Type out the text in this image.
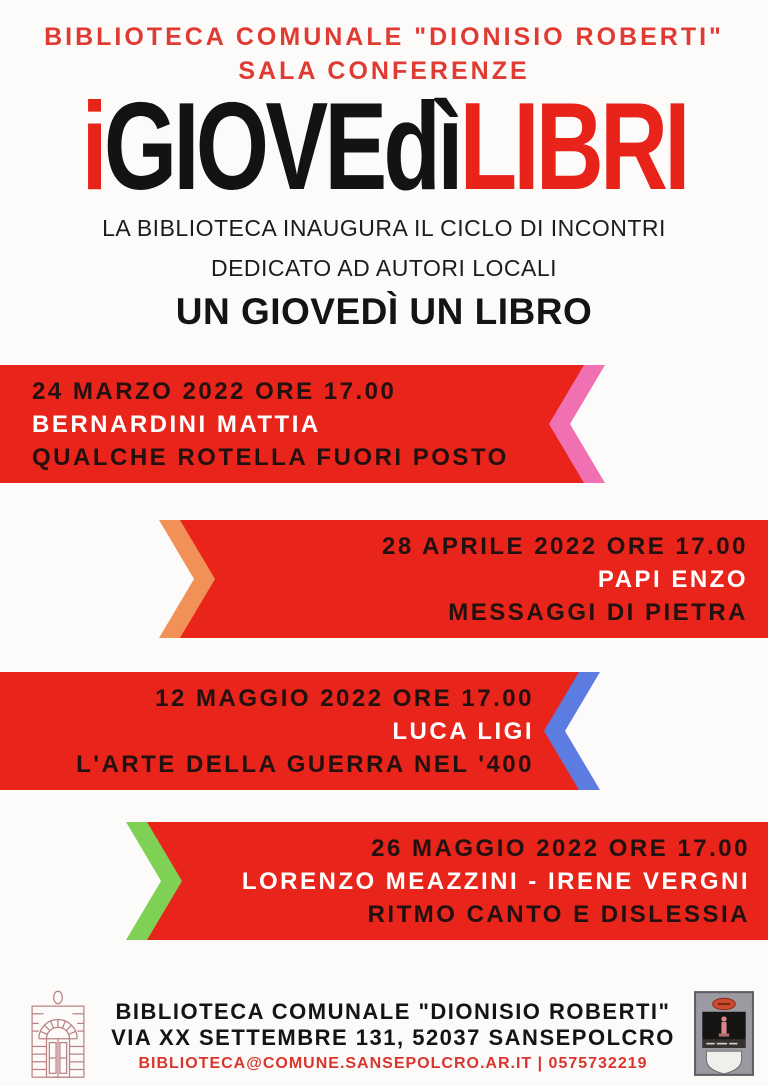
BIBLIOTECA COMUNALE "DIONISIO ROBERTI"
SALA CONFERENZE
iGIOVEdìLIBRI
LA BIBLIOTECA INAUGURA IL CICLO DI INCONTRI
DEDICATO AD AUTORI LOCALI
UN GIOVEDÌ UN LIBRO
24 MARZO 2022 ORE 17.00
BERNARDINI MATTIA
QUALCHE ROTELLA FUORI POSTO
28 APRILE 2022 ORE 17.00
PAPI ENZO
MESSAGGI DI PIETRA
12 MAGGIO 2022 ORE 17.00
LUCA LIGI
L'ARTE DELLA GUERRA NEL '400
26 MAGGIO 2022 ORE 17.00
LORENZO MEAZZINI - IRENE VERGNI
RITMO CANTO E DISLESSIA
BIBLIOTECA COMUNALE "DIONISIO ROBERTI"
VIA XX SETTEMBRE 131, 52037 SANSEPOLCRO
BIBLIOTECA@COMUNE.SANSEPOLCRO.AR.IT | 0575732219
